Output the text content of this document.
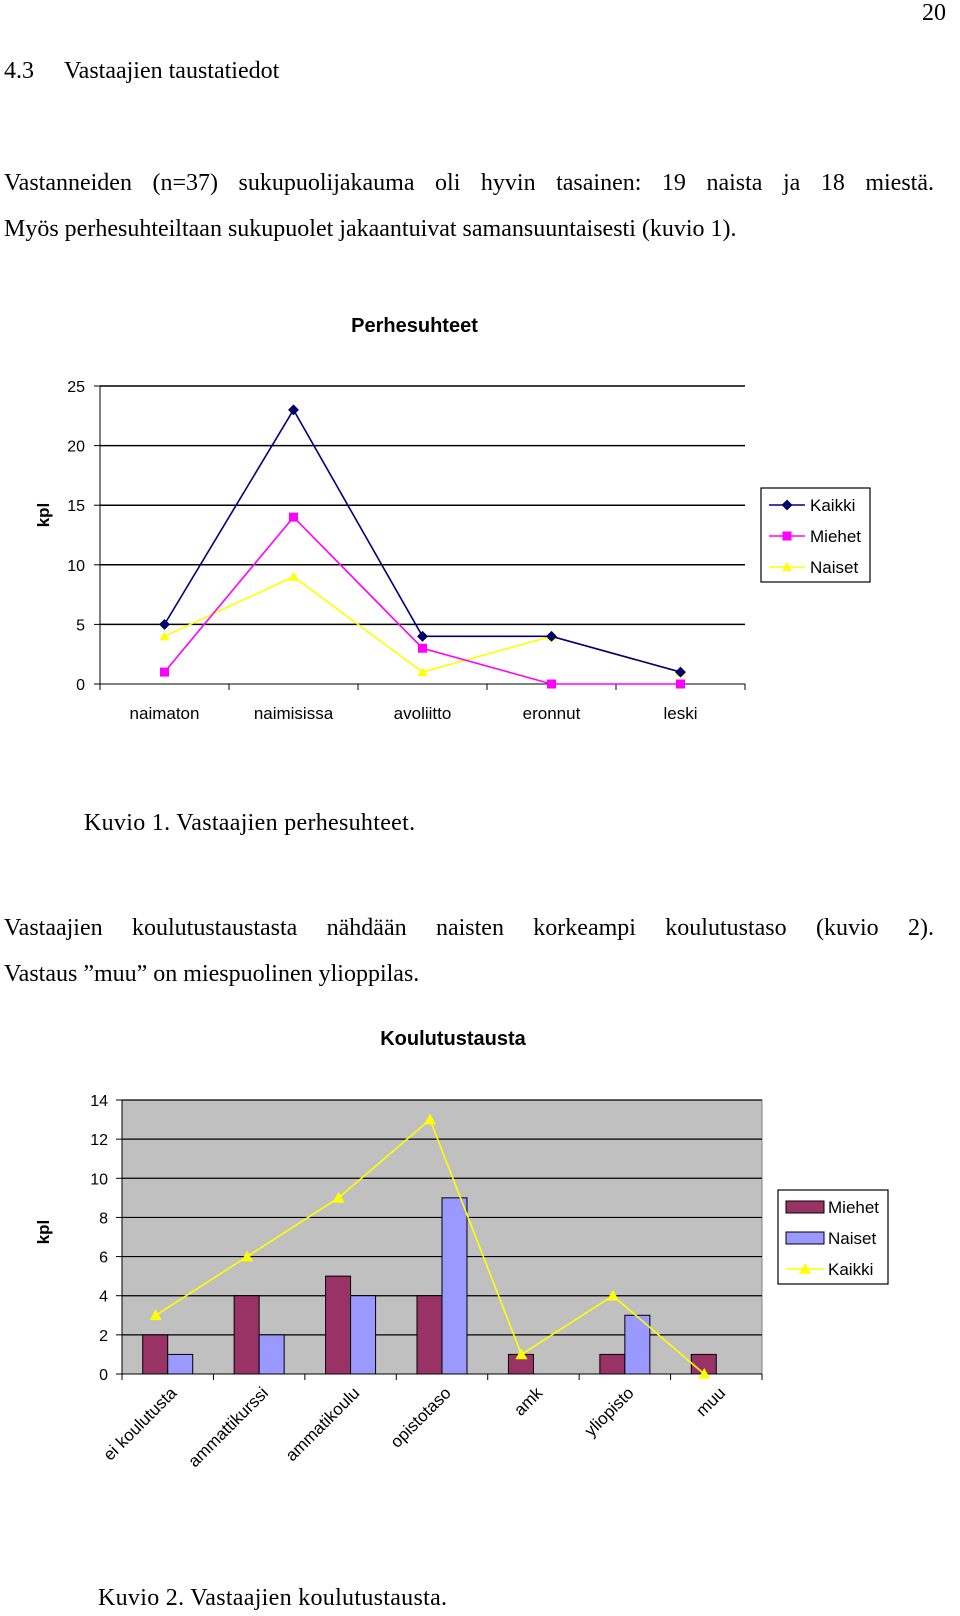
20
4.3 Vastaajien taustatiedot
Vastanneiden (n=37) sukupuolijakauma oli hyvin tasainen: 19 naista ja 18 miestä.
Myös perhesuhteiltaan sukupuolet jakaantuivat samansuuntaisesti (kuvio 1).
Perhesuhteet
kpl
0
5
10
15
20
25
naimaton	naimisissa	avoliitto	eronnut	leski
Kaikki
Miehet
Naiset
Kuvio 1. Vastaajien perhesuhteet.
Vastaajien koulutustaustasta nähdään naisten korkeampi koulutustaso (kuvio 2).
Vastaus ”muu” on miespuolinen ylioppilas.
Koulutustausta
kpl
0
2
4
6
8
10
12
14
ei koulutusta ammattikurssi ammatikoulu opistotaso	amk yliopisto	muu
Miehet
Naiset
Kaikki
Kuvio 2. Vastaajien koulutustausta.
